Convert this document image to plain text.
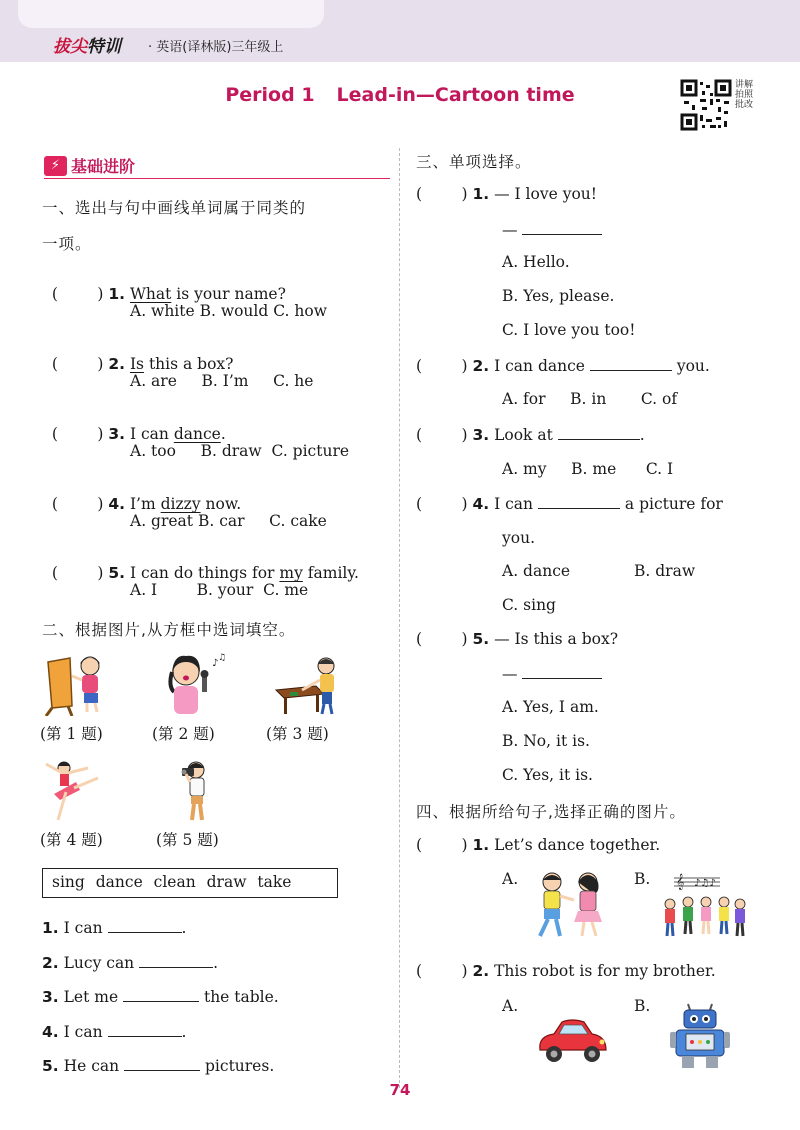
拔尖特训 · 英语(译林版)三年级上
Period 1 Lead-in—Cartoon time	讲解拍照批改
⚡ 基础进阶
一、选出与句中画线单词属于同类的
一项。

(        ) 1. What is your name?

A. white B. would C. how

(        ) 2. Is this a box?

A. are     B. I’m     C. he

(        ) 3. I can dance.

A. too     B. draw  C. picture

(        ) 4. I’m dizzy now.

A. great B. car     C. cake

(        ) 5. I can do things for my family.

A. I        B. your  C. me
二、根据图片,从方框中选词填空。
(第 1 题)
♪ ♫
(第 2 题)	(第 3 题)
(第 4 题)	(第 5 题)
sing dance clean draw take
1. I can	.
2. Lucy can	.
3. Let me	the table.
4. I can	.
5. He can	pictures.
三、单项选择。
(        ) 1. — I love you!
—
A. Hello.
B. Yes, please.
C. I love you too!
(        ) 2. I can dance	you.
A. for     B. in       C. of
(        ) 3. Look at	.
A. my     B. me      C. I
(        ) 4. I can	a picture for
you.
A. dance	B. draw
C. sing
(        ) 5. — Is this a box?
—
A. Yes, I am.
B. No, it is.
C. Yes, it is.
四、根据所给句子,选择正确的图片。
(        ) 1. Let’s dance together.
A.	B. 𝄞 ♪♫♪
(        ) 2. This robot is for my brother.
A.	B.
74
